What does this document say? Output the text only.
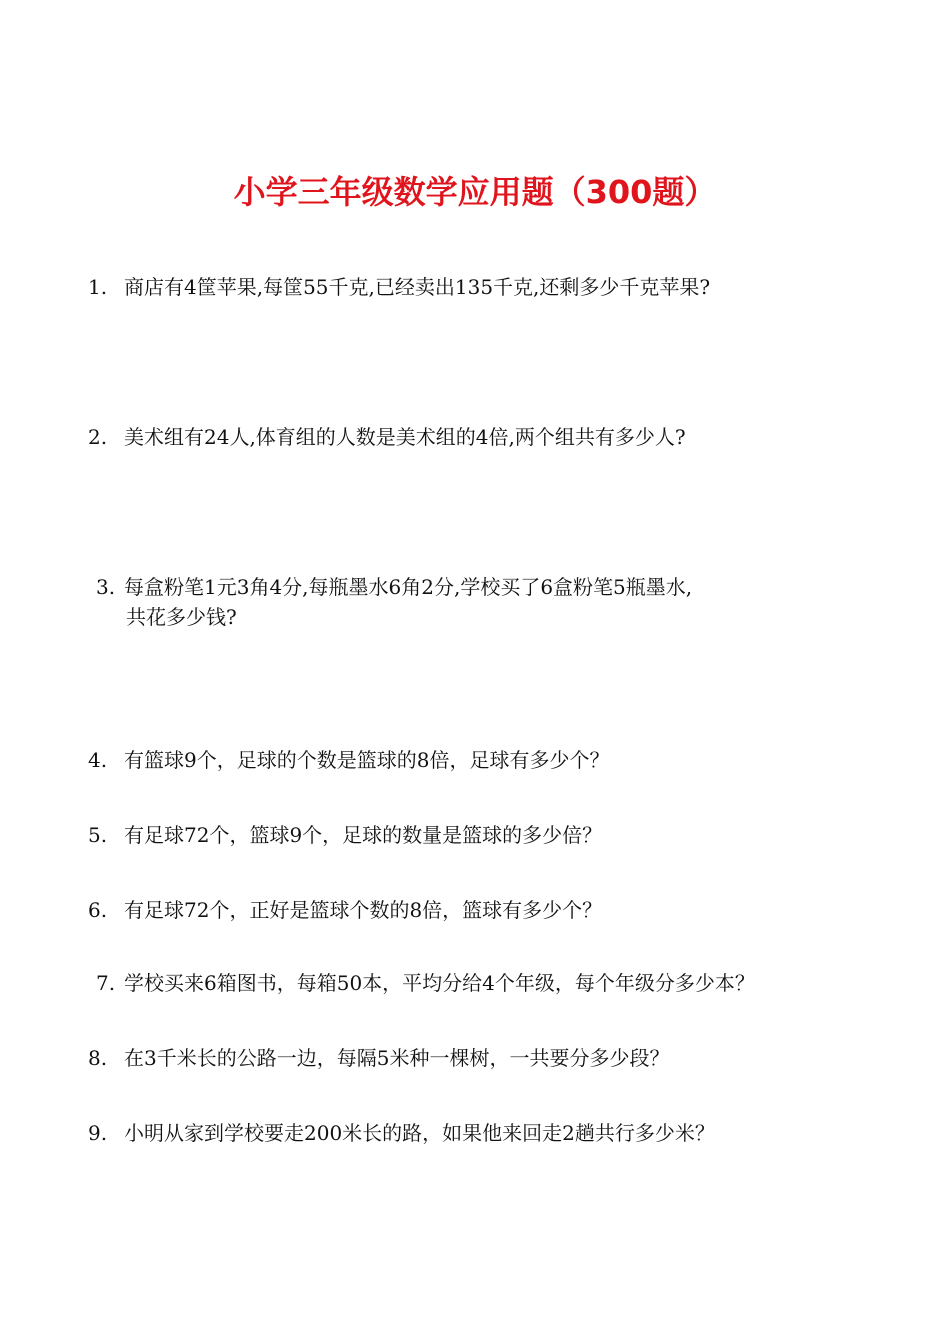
小学三年级数学应用题（300题）
1. 商店有4筐苹果,每筐55千克,已经卖出135千克,还剩多少千克苹果?
2. 美术组有24人,体育组的人数是美术组的4倍,两个组共有多少人?
3. 每盒粉笔1元3角4分,每瓶墨水6角2分,学校买了6盒粉笔5瓶墨水,
共花多少钱?
4. 有篮球9个，足球的个数是篮球的8倍，足球有多少个？
5. 有足球72个，篮球9个，足球的数量是篮球的多少倍？
6. 有足球72个，正好是篮球个数的8倍，篮球有多少个？
7. 学校买来6箱图书，每箱50本，平均分给4个年级，每个年级分多少本？
8. 在3千米长的公路一边，每隔5米种一棵树，一共要分多少段？
9. 小明从家到学校要走200米长的路，如果他来回走2趟共行多少米？
